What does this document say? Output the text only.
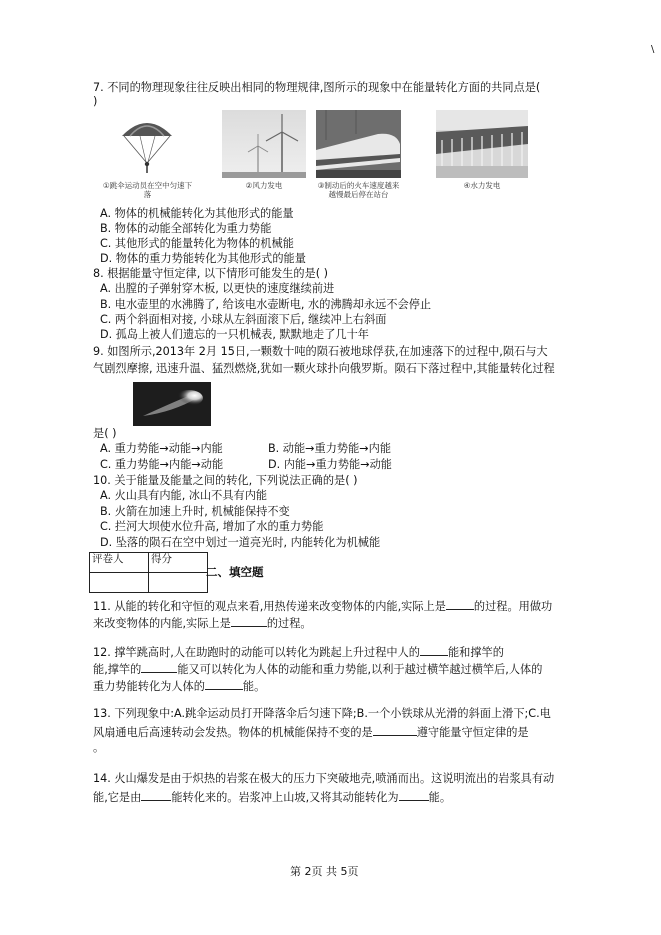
\
7. 不同的物理现象往往反映出相同的物理规律,图所示的现象中在能量转化方面的共同点是(
)
①跳伞运动员在空中匀速下落
②风力发电	③制动后的火车速度越来越慢最后停在站台
④水力发电
A. 物体的机械能转化为其他形式的能量
B. 物体的动能全部转化为重力势能
C. 其他形式的能量转化为物体的机械能
D. 物体的重力势能转化为其他形式的能量
8. 根据能量守恒定律, 以下情形可能发生的是( )
A. 出膛的子弹射穿木板, 以更快的速度继续前进
B. 电水壶里的水沸腾了, 给该电水壶断电, 水的沸腾却永远不会停止
C. 两个斜面相对接, 小球从左斜面滚下后, 继续冲上右斜面
D. 孤岛上被人们遗忘的一只机械表, 默默地走了几十年
9. 如图所示,2013年 2月 15日,一颗数十吨的陨石被地球俘获,在加速落下的过程中,陨石与大
气剧烈摩擦, 迅速升温、猛烈燃烧,犹如一颗火球扑向俄罗斯。陨石下落过程中,其能量转化过程
是( )
A. 重力势能→动能→内能	B. 动能→重力势能→内能
C. 重力势能→内能→动能	D. 内能→重力势能→动能
10. 关于能量及能量之间的转化, 下列说法正确的是( )
A. 火山具有内能, 冰山不具有内能
B. 火箭在加速上升时, 机械能保持不变
C. 拦河大坝使水位升高, 增加了水的重力势能
D. 坠落的陨石在空中划过一道亮光时, 内能转化为机械能
评卷人	得分

二、填空题
11. 从能的转化和守恒的观点来看,用热传递来改变物体的内能,实际上是	的过程。用做功
来改变物体的内能,实际上是	的过程。
12. 撑竿跳高时,人在助跑时的动能可以转化为跳起上升过程中人的	能和撑竿的
能,撑竿的	能又可以转化为人体的动能和重力势能,以利于越过横竿越过横竿后,人体的
重力势能转化为人体的	能。
13. 下列现象中:A.跳伞运动员打开降落伞后匀速下降;B.一个小铁球从光滑的斜面上滑下;C.电
风扇通电后高速转动会发热。物体的机械能保持不变的是	遵守能量守恒定律的是
。
14. 火山爆发是由于炽热的岩浆在极大的压力下突破地壳,喷涌而出。这说明流出的岩浆具有动
能,它是由	能转化来的。岩浆冲上山坡,又将其动能转化为	能。
第 2页 共 5页
